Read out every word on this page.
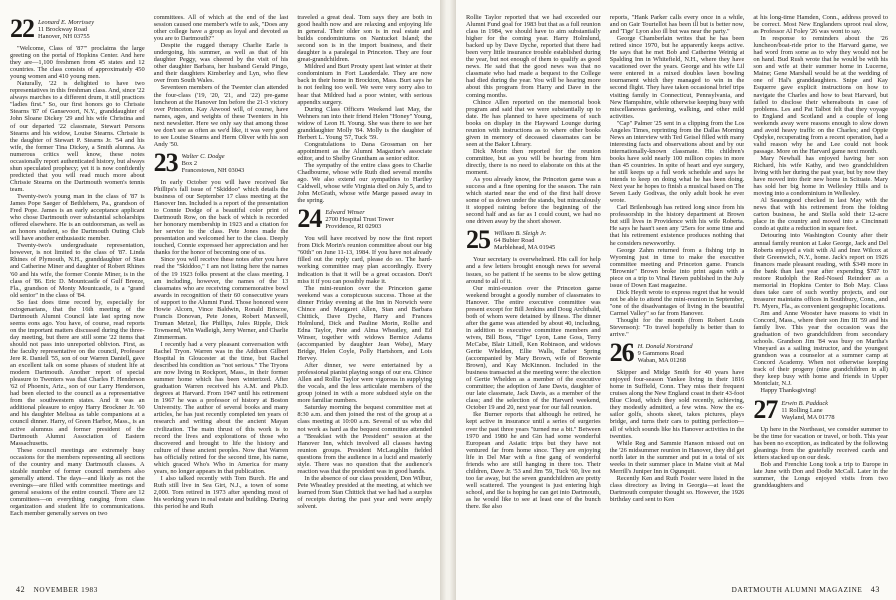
22 Leonard E. Morrissey
11 Brockway Road
Hanover, NH 03755

"Welcome, Class of '87'" proclaims the large greeting on the portal of Hopkins Center. And here they are—1,100 freshmen from 45 states and 12 countries. The class consists of approximately 450 young women and 410 young men.

Naturally, '22 is delighted to have two representatives in this freshman class. And, since '22 always marches to a different drum, it still practices "ladies first." So, our first honors go to Chrissie Stearns '87 of Gansevoort, N.Y., granddaughter of John Sloane Dickey '29 and his wife Christina and of our departed '22 classmate, Stewart Persons Stearns and his widow, Louise Stearns. Chrissie is the daughter of Stewart P. Stearns Jr. '54 and his wife, the former Tina Dickey, a Smith alumna. As numerous critics well know, these notes occasionally report authenticated history, but always shun speculated prophecy; yet it is now confidently predicted that you will read much more about Chrissie Stearns on the Dartmouth women's tennis team.

Twenty-two's young man in the class of '87 is James Pope Saeger of Bethlehem, Pa., grandson of Fred Pope. James is an early acceptance applicant who chose Dartmouth over substantial scholarships offered elsewhere. He is an outdoorsman, as well as an honors student, so the Dartmouth Outing Club will have another enthusiastic member.

Twenty-two's undergraduate representation, however, is not limited to the class of '87. Linda Rhines of Plymouth, N.H., granddaughter of Stan and Catherine Miner and daughter of Robert Rhines '60 and his wife, the former Connie Miner, is in the class of '86. Eric D. Mountcastle of Gulf Breeze, Fla., grandson of Monty Mountcastle, is a "grand old senior" in the class of '84.

So fast does time record by, especially for octogenarians, that the 16th meeting of the Dartmouth Alumni Council late last spring now seems eons ago. You have, of course, read reports on the important matters discussed during the three-day meeting, but there are still some '22 items that should not pass into unreported oblivion. First, as the faculty representative on the council, Professor Jere R. Daniell '55, son of our Warren Daniell, gave an excellent talk on some phases of student life at modern Dartmouth. Another report of special pleasure to Twenters was that Charles F. Henderson '62 of Phoenix, Ariz., son of our Larry Henderson, had been elected to the council as a representative from the southwestern states. And it was an additional pleasure to enjoy Harry Brockner Jr. '60 and his daughter Melissa as table companions at a council dinner. Harry, of Green Harbor, Mass., is an active alumnus and former president of the Dartmouth Alumni Association of Eastern Massachusetts.

These council meetings are extremely busy occasions for the members representing all sections of the country and many Dartmouth classes. A sizable number of former council members also generally attend. The days—and likely as not the evenings—are filled with committee meetings and general sessions of the entire council. There are 12 committees—on everything ranging from class organization and student life to communications. Each member generally serves on two

committees. All of which at the end of the last session caused one member's wife to ask, "Does any other college have a group as loyal and devoted as you are to Dartmouth?"

Despite the rugged therapy Charlie Earle is undergoing, his summer, as well as that of his daughter Peggy, was cheered by the visit of his other daughter Barbara, her husband Gerald Pingo, and their daughters Kimberley and Lyn, who flew over from South Wales.

Seventeen members of the Twenter clan attended the four-class ('19, '20, '21, and '22) pre-game luncheon at the Hanover Inn before the 21-3 victory over Princeton. Kay Atwood will, of course, have names, ages, and weights of these Twenters in his next newsletter. Here we only say that among those we don't see as often as we'd like, it was very good to see Louise Stearns and Herm Oliver with his son Andy '50.

23 Walter C. Dodge
Box 2
Francestown, NH 03043

In early October you will have received Ike Phillips's fall issue of "Skiddoo" which details the business of our September 17 class meeting at the Hanover Inn. Included is a report of the presentation to Connie Dodge of a beautiful color print of Dartmouth Row, on the back of which is recorded her honorary membership in 1923 and a citation for her service to the class. Pete Jones made the presentation and welcomed her to the class. Deeply touched, Connie expressed her appreciation and her thanks for the honor of becoming one of us.

Since you will receive these notes after you have read the "Skiddoo," I am not listing here the names of the 19 1923 folks present at the class meeting. I am including, however, the names of the 13 classmates who are receiving commemorative bowl awards in recognition of their 60 consecutive years of support to the Alumni Fund. Those honored were Howie Alcorn, Vince Baldwin, Ronald Briscoe, Francis Donovan, Pete Jones, Robert Maxwell, Truman Metzel, Ike Phillips, Jules Ripple, Dick Townsend, Win Wadleigh, Jerry Werner, and Charlie Zimmerman.

I recently had a very pleasant conversation with Rachel Tryon. Warren was in the Addison Gilbert Hospital in Gloucester at the time, but Rachel described his condition as "not serious." The Tryons are now living in Rockport, Mass., in their former summer home which has been winterized. After graduation Warren received his A.M. and Ph.D. degrees at Harvard. From 1947 until his retirement in 1967 he was a professor of history at Boston University. The author of several books and many articles, he has just recently completed ten years of research and writing about the ancient Mayan civilization. The main thrust of this work is to record the lives and explorations of those who discovered and brought to life the history and culture of these ancient peoples. Now that Warren has officially retired for the second time, his name, which graced Who's Who in America for many years, no longer appears in that publication.

I also talked recently with Tom Burch. He and Ruth still live in Sea Girt, N.J., a town of some 2,000. Tom retired in 1973 after spending most of his working years in real estate and building. During this period he and Ruth

traveled a great deal. Tom says they are both in good health now and are relaxing and enjoying life in general. Their older son is in real estate and builds condominiums on Nantucket Island; the second son is in the import business, and their daughter is a paralegal in Princeton. They are four great-grandchildren.

Mildred and Burt Prouty spent last winter at their condominium in Fort Lauderdale. They are now back in their home in Brockton, Mass. Burt says he is not feeling too well. We were very sorry also to hear that Mildred had a poor winter, with serious appendix surgery.

During Class Officers Weekend last May, the Wehners ran into their friend Helen "Honey" Young, widow of Leon H. Young. She was there to see her granddaughter Molly '84. Molly is the daughter of Herbert L. Young '57, Tuck '59.

Congratulations to Dana Grossman on her appointment as the Alumni Magazine's associate editor, and to Shelby Grantham as senior editor.

The sympathy of the entire class goes to Charlie Chadbourne, whose wife Ruth died several months ago. We also extend our sympathies to Hartley Caldwell, whose wife Virginia died on July 5, and to John McGrath, whose wife Marge passed away in the spring.

24 Edward Winser
2700 Hospital Trust Tower
Providence, RI 02903

You will have received by now the first report from Dick Morin's reunion committee about our big "60th" on June 11-13, 1984. If you have not already filled out the reply card, please do so. The hard-working committee may plan accordingly. Every indication is that it will be a great occasion. Don't miss it if you can possibly make it.

The mini-reunion over the Princeton game weekend was a conspicuous success. Those at the dinner Friday evening at the Inn in Norwich were Chince and Margaret Allen, Stan and Barbara Chittick, Dave Dyche, Harry and Frances Holmlund, Dick and Pauline Morin, Rollie and Edna Taylor, Pete and Alma Wheatley, and Ed Winser, together with widows Bernice Adams (accompanied by daughter Jean Webe), Mary Bridge, Helen Coyle, Polly Hartshorn, and Lois Hervey.

After dinner, we were entertained by a professional pianist playing songs of our era. Chince Allen and Rollie Taylor were vigorous in supplying the vocals, and the less articulate members of the group joined in with a more subdued style on the more familiar numbers.

Saturday morning the bequest committee met at 8:30 a.m. and then joined the rest of the group at a class meeting at 10:00 a.m. Several of us who did not work as hard as the bequest committee attended a "Breakfast with the President" session at the Hanover Inn, which involved all classes having reunion groups. President McLaughlin fielded questions from the audience in a lucid and masterly style. There was no question that the audience's reaction was that the president was in good hands.

In the absence of our class president, Don Wilbur, Pete Wheatley presided at the meeting, at which we learned from Stan Chittick that we had had a surplus of receipts during the past year and were amply solvent.

42 NOVEMBER 1983

Rollie Taylor reported that we had exceeded our Alumni Fund goal for 1983 but that as a full reunion class in 1984, we should have to aim substantially higher for the coming year. Harry Holmlund, backed up by Dave Dyche, reported that there had been very little insurance trouble established during the year, but not enough of them to qualify as good news. He said that the good news was that no classmate who had made a bequest to the College had died during the year. You will be hearing more about this program from Harry and Dave in the coming months.

Chince Allen reported on the memorial book program and said that we were substantially up to date. He has planned to have specimens of such books on display in the Hayward Lounge during reunion with instructions as to where other books given in memory of deceased classmates can be seen at the Baker Library.

Dick Morin then reported for the reunion committee, but as you will be hearing from him directly, there is no need to elaborate on this at the moment.

As you already know, the Princeton game was a success and a fine opening for the season. The rain which started near the end of the first half drove some of us down under the stands, but miraculously it stopped raining before the beginning of the second half and as far as I could count, we had no one driven away by the short shower.

25 William B. Sleigh Jr.
64 Bubier Road
Marblehead, MA 01945

Your secretary is overwhelmed. His call for help and a few letters brought enough news for several issues, so be patient if he seems to be slow getting around to all of it.

Our mini-reunion over the Princeton game weekend brought a goodly number of classmates to Hanover. The entire executive committee was present except for Bill Jenkins and Doug Archibald, both of whom were detained by illness. The dinner after the game was attended by about 40, including, in addition to executive committee members and wives, Bill Boss, "Tige" Lyon, Lane Goss, Terry McCabe, Blair Littell, Ken Robinson, and widows Gertie Whelden, Ellie Walls, Esther Spring (accompanied by Mary Brown, wife of Brownie Brown), and Kay McKinnon. Included in the business transacted at the meeting were: the election of Gertie Whelden as a member of the executive committee; the adoption of Jane Davis, daughter of our late classmate, Jack Davis, as a member of the class; and the selection of the Harvard weekend, October 19 and 20, next year for our fall reunion.

Ike Burner reports that although he retired, he kept active in insurance until a series of surgeries over the past three years "turned me a bit." Between 1970 and 1980 he and Gin had some wonderful European and Asiatic trips but they have not ventured far from home since. They are enjoying life in Del Mar with a fine gang of wonderful friends who are still hanging in there too. Their children, Dave Jr. '53 and Jim '59, Tuck '60, live not too far away, but the seven grandchildren are pretty well scattered. The youngest is just entering high school, and Ike is hoping he can get into Dartmouth, as he would like to see at least one of the bunch there. Ike also

reports, "Hank Parker calls every once in a while, and on Gair Tourtellot has been ill but is better now, and 'Tige' Lyon also ill but was near the party."

George Chamberlain writes that he has been retired since 1970, but he apparently keeps active. He says that he met Bob and Catherine Weinig at Spalding Inn in Whitefield, N.H., where they have vacationed over the years. George and his wife Lil were entered in a mixed doubles lawn bowling tournament which they managed to win in the second flight. They have taken occasional brief trips visiting family in Connecticut, Pennsylvania, and New Hampshire, while otherwise keeping busy with miscellaneous gardening, walking, and other mild activities.

"Cap" Palmer '25 sent in a clipping from the Los Angeles Times, reprinting from the Dallas Morning News an interview with Ted Geisel filled with many interesting facts and observations about and by our internationally-known classmate. His children's books have sold nearly 100 million copies in more than 45 countries. In spite of heart and eye surgery, he still keeps up a full work schedule and says he intends to keep on doing what he has been doing. Next year he hopes to finish a musical based on The Seven Lady Godivas, the only adult book he ever wrote.

Carl Brilenbough has retired long since from his professorship in the history department at Brown but still lives in Providence with his wife Roberta. He says he hasn't seen any '25ers for some time and that his retirement existence produces nothing that he considers newsworthy.

George Zahm returned from a fishing trip in Wyoming just in time to make the executive committee meeting and Princeton game. Francis "Brownie" Brown broke into print again with a piece on a trip to Vinal Haven published in the July issue of Down East magazine.

Dick Heydt wrote to express regret that he would not be able to attend the mini-reunion in September, "one of the disadvantages of living in the beautiful Carmel Valley" so far from Hanover.

Thought for the month (from Robert Louis Stevenson): "To travel hopefully is better than to arrive."

26 H. Donald Norstrand
9 Gammons Road
Waban, MA 01268

Skipper and Midge Smith for 40 years have enjoyed four-season Yankee living in their 1816 home in Suffield, Conn. They miss their frequent cruises along the New England coast in their 43-foot Blue Cloud, which they sold recently, achieving, they modestly admitted, a few wins. Now the ex-sailor golfs, shoots skeet, takes pictures, plays bridge, and turns their cars to putting perfection—all of which sounds like his Hanover activities in the twenties.

While Reg and Sammie Hanson missed out on the '26 midsummer reunion in Hanover, they did get north later in the summer and put in a total of six weeks in their summer place in Maine visit at Mal Merrill's Juniper Inn in Ogunquit.

Recently Ken and Ruth Foster were listed in the class directory as living in Georgia—at least the Dartmouth computer thought so. However, the 1926 birthday card sent to Ken

at his long-time Hamden, Conn., address proved to be correct. Most New Englanders uproot real slow, as Professor Al Foley '26 was wont to say.

In response to reminders about the '26 luncheon/boat-ride prior to the Harvard game, we had word from some as to why they would not be on hand. Bud Rush wrote that he would be with his son and wife at their summer home in Lucerne, Maine; Gene Marshall would be at the wedding of one of Hal's granddaughters. Snipe and Kay Esquerre gave explicit instructions on how to navigate the Charles and how to beat Harvard, but failed to disclose their whereabouts in case of problems. Les and Pat Talbot felt that they voyage to England and Scotland and a couple of long weekends away were reasons enough to slow down and avoid heavy traffic on the Charles; and Oppie Opdyke, recuperating from a recent operation, had a valid reason why he and Lee could not book passage. More on the Harvard game next month.

Mary Newhall has enjoyed having her son Richard, his wife Kathy, and two grandchildren living with her during the past year, but by now they have moved into their new home in Scituate. Mary has sold her big home in Wellesley Hills and is moving into a condominium in Wellesley.

Al Seasongood checked in last May with the news that with his retirement from the folding carton business, he and Stella sold their 12-acre place in the country and moved into a Cincinnati condo at quite a reduction in square feet.

Detouring into Washington County after their annual family reunion at Lake George, Jack and Del Roberts enjoyed a visit with Al and Inez Wilcox at their Greenwich, N.Y., home. Jack's report on 1926 finances made pleasant reading, with $349 more in the bank than last year after expending $787 to restore Rudolph the Red-Nosed Reindeer as a memorial in Hopkins Center to Bob May. Class dues take care of such worthy projects, and our treasurer maintains offices in Southbury, Conn., and Ft. Myers, Fla., as convenient geographic locations.

Jim and Anne Wooster have reasons to visit in Concord, Mass., where their son Jim III '59 and his family live. This year the occasion was the graduation of two grandchildren from secondary schools. Grandson Jim '84 was busy on Martha's Vineyard as a sailing instructor, and the youngest grandson was a counselor at a summer camp at Concord Academy. When not otherwise keeping track of their progeny (nine grandchildren in all) they keep busy with home and friends in Upper Montclair, N.J.

Happy Thanksgiving!

27 Erwin B. Padduck
11 Rolling Lane
Wayland, MA 01778

Up here in the Northeast, we consider summer to be the time for vacation or travel, or both. This year has been no exception, as indicated by the following gleanings from the gratefully received cards and letters stacked up on our desk.

Bob and Frenchie Long took a trip to Europe in late June with Don and Dodie McCall. Later in the summer, the Longs enjoyed visits from two granddaughters and

DARTMOUTH ALUMNI MAGAZINE 43
